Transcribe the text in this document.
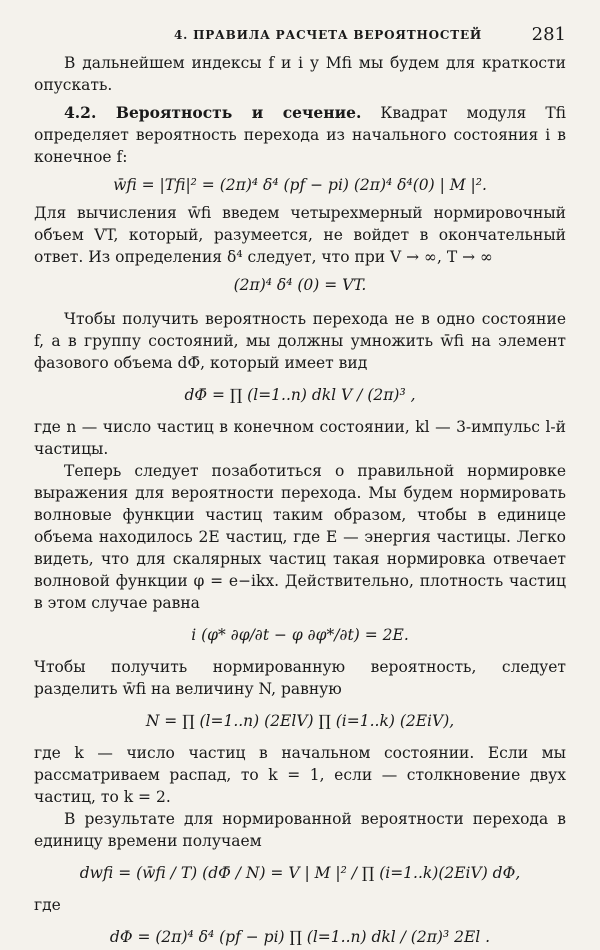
4. ПРАВИЛА РАСЧЕТА ВЕРОЯТНОСТЕЙ	281

В дальнейшем индексы f и i у Mfi мы будем для краткости опускать.

4.2. Вероятность и сечение. Квадрат модуля Tfi определяет вероятность перехода из начального состояния i в конечное f:

w̄fi = |Tfi|² = (2π)⁴ δ⁴ (pf − pi) (2π)⁴ δ⁴(0) | M |².

Для вычисления w̄fi введем четырехмерный нормировочный объем VT, который, разумеется, не войдет в окончательный ответ. Из определения δ⁴ следует, что при V → ∞, T → ∞

(2π)⁴ δ⁴ (0) = VT.

Чтобы получить вероятность перехода не в одно состояние f, а в группу состояний, мы должны умножить w̄fi на элемент фазового объема dΦ̄, который имеет вид

dΦ̄ = ∏ (l=1..n) dkl V / (2π)³ ,

где n — число частиц в конечном состоянии, kl — 3-импульс l-й частицы.

Теперь следует позаботиться о правильной нормировке выражения для вероятности перехода. Мы будем нормировать волновые функции частиц таким образом, чтобы в единице объема находилось 2E частиц, где E — энергия частицы. Легко видеть, что для скалярных частиц такая нормировка отвечает волновой функции φ = e−ikx. Действительно, плотность частиц в этом случае равна

i (φ* ∂φ/∂t − φ ∂φ*/∂t) = 2E.

Чтобы получить нормированную вероятность, следует разделить w̄fi на величину N, равную

N = ∏ (l=1..n) (2ElV) ∏ (i=1..k) (2EiV),

где k — число частиц в начальном состоянии. Если мы рассматриваем распад, то k = 1, если — столкновение двух частиц, то k = 2.

В результате для нормированной вероятности перехода в единицу времени получаем

dwfi = (w̄fi / T) (dΦ̄ / N) = V | M |² / ∏ (i=1..k)(2EiV) dΦ,

где

dΦ = (2π)⁴ δ⁴ (pf − pi) ∏ (l=1..n) dkl / (2π)³ 2El .
